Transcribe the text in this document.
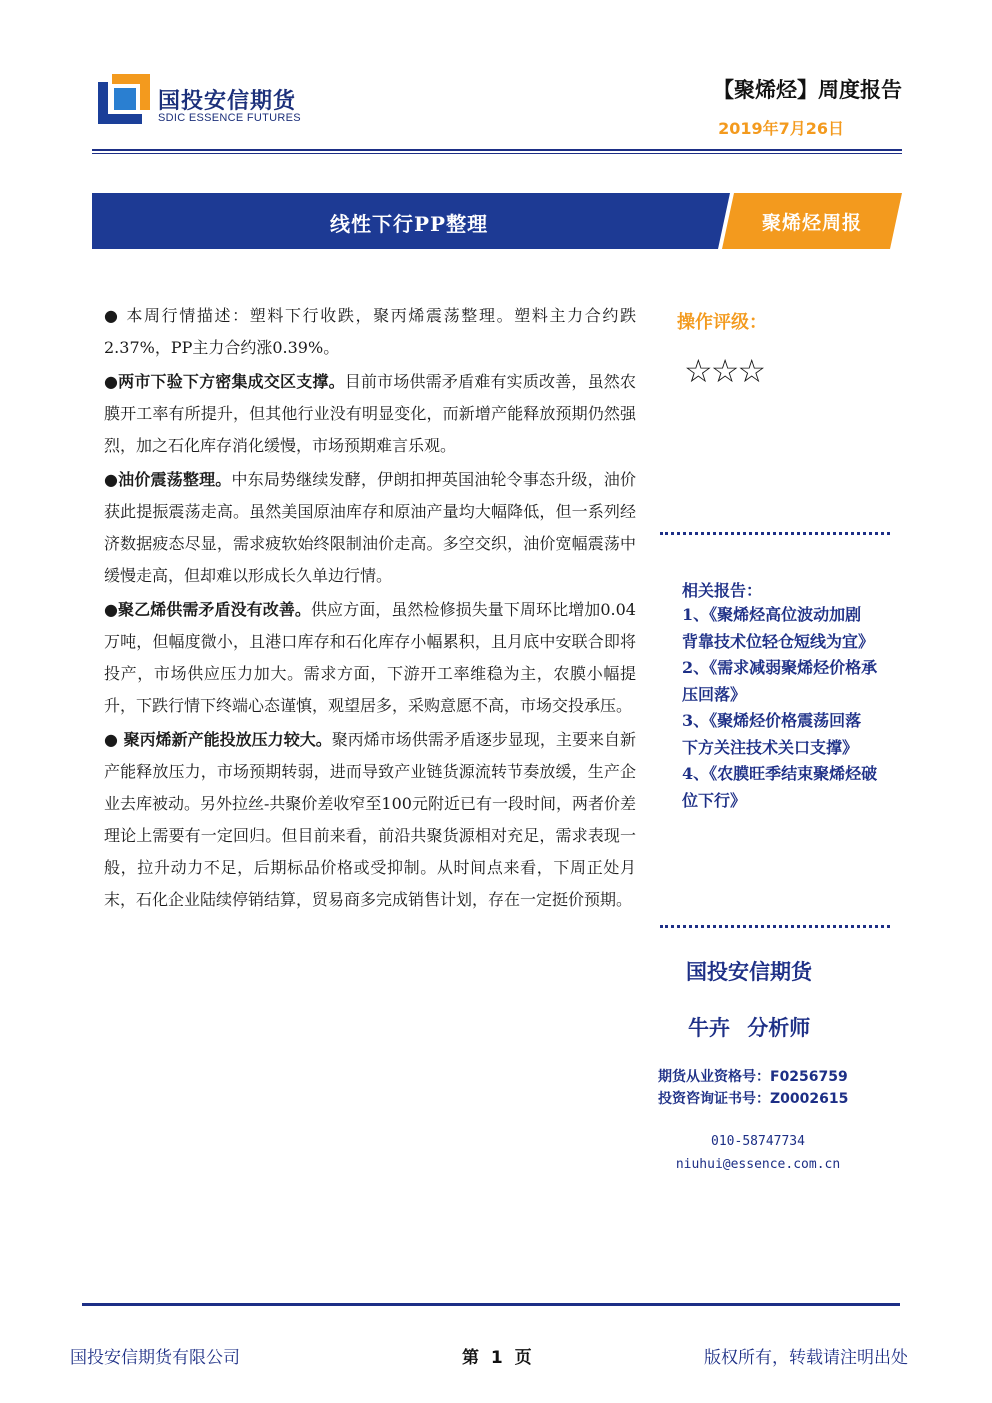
国投安信期货
SDIC ESSENCE FUTURES
【聚烯烃】周度报告
2019年7月26日
线性下行PP整理	聚烯烃周报

● 本周行情描述：塑料下行收跌，聚丙烯震荡整理。塑料主力合约跌2.37%，PP主力合约涨0.39%。

●两市下验下方密集成交区支撑。目前市场供需矛盾难有实质改善，虽然农膜开工率有所提升，但其他行业没有明显变化，而新增产能释放预期仍然强烈，加之石化库存消化缓慢，市场预期难言乐观。

●油价震荡整理。中东局势继续发酵，伊朗扣押英国油轮令事态升级，油价获此提振震荡走高。虽然美国原油库存和原油产量均大幅降低，但一系列经济数据疲态尽显，需求疲软始终限制油价走高。多空交织，油价宽幅震荡中缓慢走高，但却难以形成长久单边行情。

●聚乙烯供需矛盾没有改善。供应方面，虽然检修损失量下周环比增加0.04万吨，但幅度微小，且港口库存和石化库存小幅累积，且月底中安联合即将投产，市场供应压力加大。需求方面，下游开工率维稳为主，农膜小幅提升，下跌行情下终端心态谨慎，观望居多，采购意愿不高，市场交投承压。

● 聚丙烯新产能投放压力较大。聚丙烯市场供需矛盾逐步显现，主要来自新产能释放压力，市场预期转弱，进而导致产业链货源流转节奏放缓，生产企业去库被动。另外拉丝-共聚价差收窄至100元附近已有一段时间，两者价差理论上需要有一定回归。但目前来看，前沿共聚货源相对充足，需求表现一般，拉升动力不足，后期标品价格或受抑制。从时间点来看，下周正处月末，石化企业陆续停销结算，贸易商多完成销售计划，存在一定挺价预期。

操作评级：
☆☆☆
相关报告：
1、《聚烯烃高位波动加剧 背靠技术位轻仓短线为宜》
2、《需求减弱聚烯烃价格承压回落》
3、《聚烯烃价格震荡回落 下方关注技术关口支撑》
4、《农膜旺季结束聚烯烃破位下行》
国投安信期货
牛卉 分析师
期货从业资格号：F0256759
投资咨询证书号：Z0002615
010-58747734
niuhui@essence.com.cn
国投安信期货有限公司	第 1 页	版权所有，转载请注明出处
